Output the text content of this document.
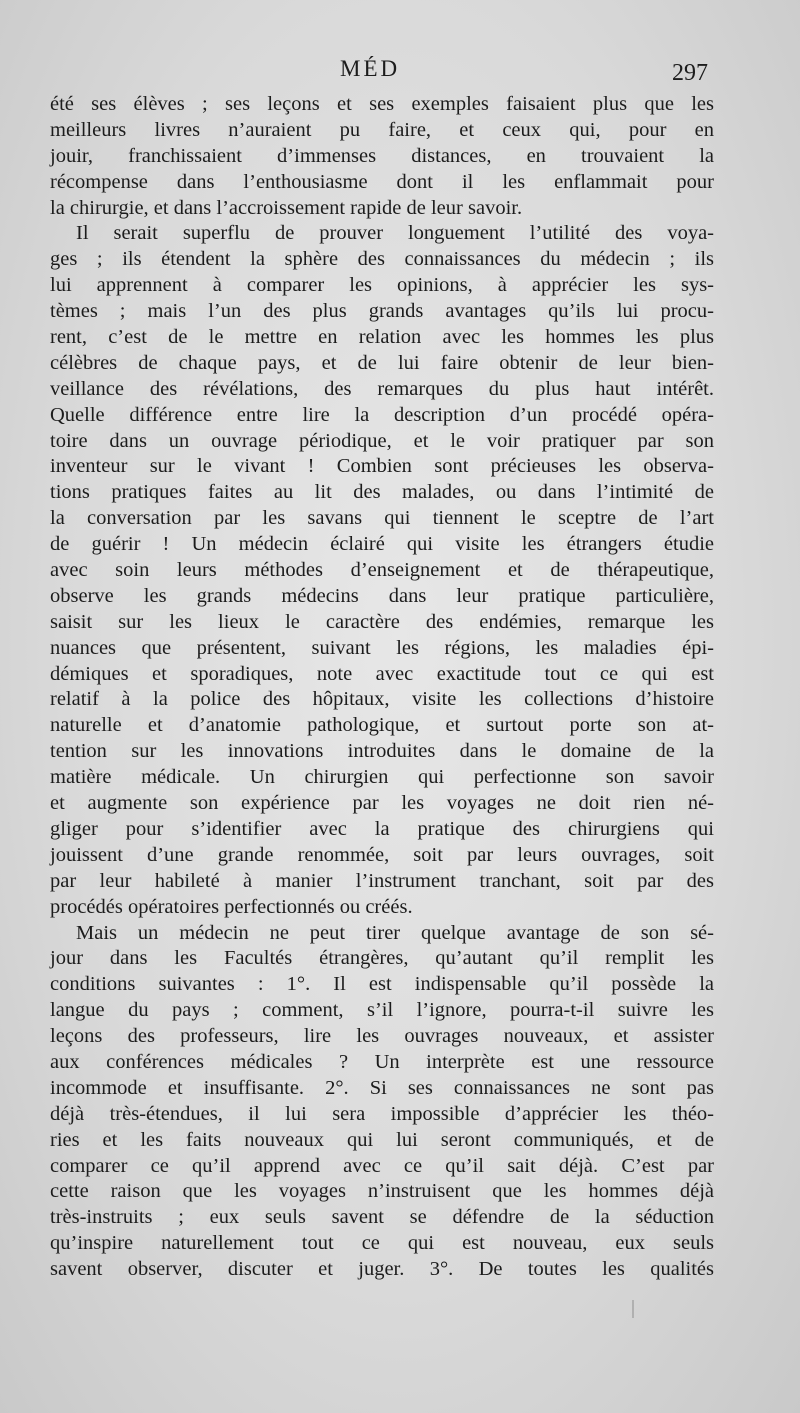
MÉD	297
été ses élèves ; ses leçons et ses exemples faisaient plus que les
meilleurs livres n’auraient pu faire, et ceux qui, pour en
jouir, franchissaient d’immenses distances, en trouvaient la
récompense dans l’enthousiasme dont il les enflammait pour
la chirurgie, et dans l’accroissement rapide de leur savoir.
Il serait superflu de prouver longuement l’utilité des voya-
ges ; ils étendent la sphère des connaissances du médecin ; ils
lui apprennent à comparer les opinions, à apprécier les sys-
tèmes ; mais l’un des plus grands avantages qu’ils lui procu-
rent, c’est de le mettre en relation avec les hommes les plus
célèbres de chaque pays, et de lui faire obtenir de leur bien-
veillance des révélations, des remarques du plus haut intérêt.
Quelle différence entre lire la description d’un procédé opéra-
toire dans un ouvrage périodique, et le voir pratiquer par son
inventeur sur le vivant ! Combien sont précieuses les observa-
tions pratiques faites au lit des malades, ou dans l’intimité de
la conversation par les savans qui tiennent le sceptre de l’art
de guérir ! Un médecin éclairé qui visite les étrangers étudie
avec soin leurs méthodes d’enseignement et de thérapeutique,
observe les grands médecins dans leur pratique particulière,
saisit sur les lieux le caractère des endémies, remarque les
nuances que présentent, suivant les régions, les maladies épi-
démiques et sporadiques, note avec exactitude tout ce qui est
relatif à la police des hôpitaux, visite les collections d’histoire
naturelle et d’anatomie pathologique, et surtout porte son at-
tention sur les innovations introduites dans le domaine de la
matière médicale. Un chirurgien qui perfectionne son savoir
et augmente son expérience par les voyages ne doit rien né-
gliger pour s’identifier avec la pratique des chirurgiens qui
jouissent d’une grande renommée, soit par leurs ouvrages, soit
par leur habileté à manier l’instrument tranchant, soit par des
procédés opératoires perfectionnés ou créés.
Mais un médecin ne peut tirer quelque avantage de son sé-
jour dans les Facultés étrangères, qu’autant qu’il remplit les
conditions suivantes : 1°. Il est indispensable qu’il possède la
langue du pays ; comment, s’il l’ignore, pourra-t-il suivre les
leçons des professeurs, lire les ouvrages nouveaux, et assister
aux conférences médicales ? Un interprète est une ressource
incommode et insuffisante. 2°. Si ses connaissances ne sont pas
déjà très-étendues, il lui sera impossible d’apprécier les théo-
ries et les faits nouveaux qui lui seront communiqués, et de
comparer ce qu’il apprend avec ce qu’il sait déjà. C’est par
cette raison que les voyages n’instruisent que les hommes déjà
très-instruits ; eux seuls savent se défendre de la séduction
qu’inspire naturellement tout ce qui est nouveau, eux seuls
savent observer, discuter et juger. 3°. De toutes les qualités
